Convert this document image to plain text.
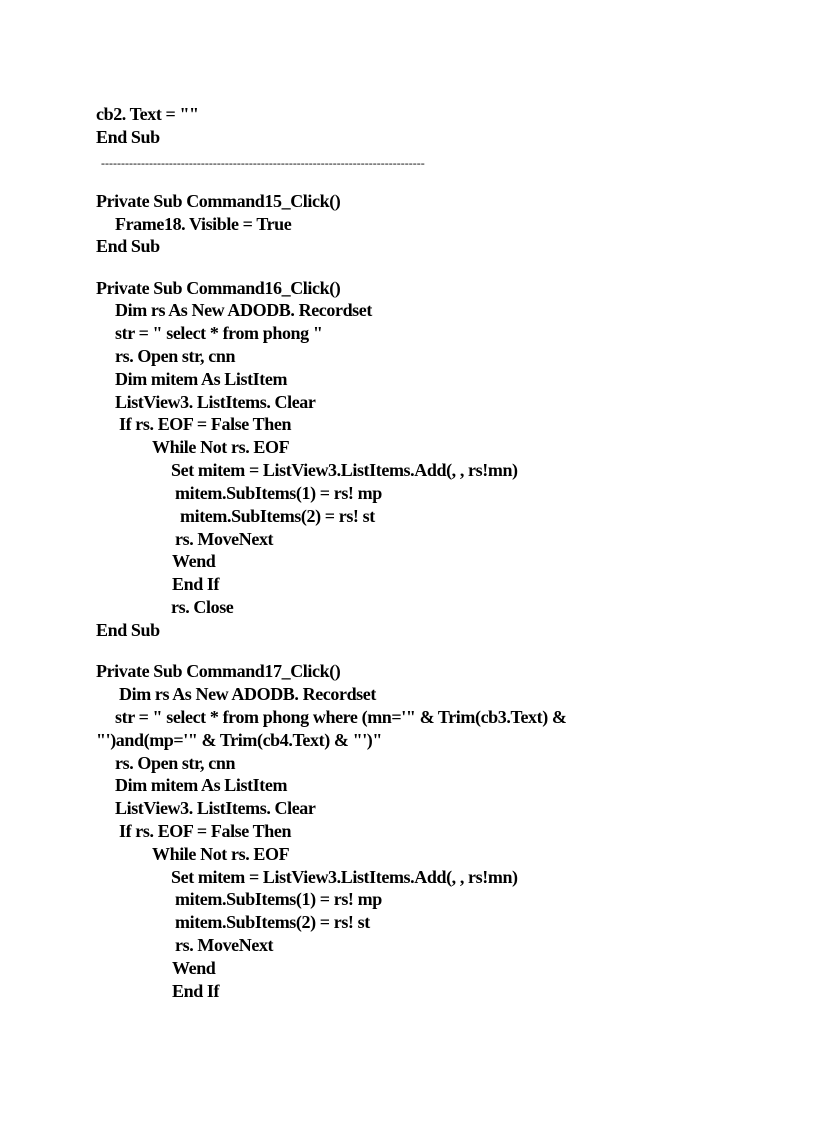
cb2. Text = ""
End Sub
---------------------------------------------------------------------------------
Private Sub Command15_Click()
Frame18. Visible = True
End Sub
Private Sub Command16_Click()
Dim rs As New ADODB. Recordset
str = " select * from phong "
rs. Open str, cnn
Dim mitem As ListItem
ListView3. ListItems. Clear
If rs. EOF = False Then
While Not rs. EOF
Set mitem = ListView3.ListItems.Add(, , rs!mn)
mitem.SubItems(1) = rs! mp
mitem.SubItems(2) = rs! st
rs. MoveNext
Wend
End If
rs. Close
End Sub
Private Sub Command17_Click()
Dim rs As New ADODB. Recordset
str = " select * from phong where (mn='" & Trim(cb3.Text) &
"')and(mp='" & Trim(cb4.Text) & "')"
rs. Open str, cnn
Dim mitem As ListItem
ListView3. ListItems. Clear
If rs. EOF = False Then
While Not rs. EOF
Set mitem = ListView3.ListItems.Add(, , rs!mn)
mitem.SubItems(1) = rs! mp
mitem.SubItems(2) = rs! st
rs. MoveNext
Wend
End If
